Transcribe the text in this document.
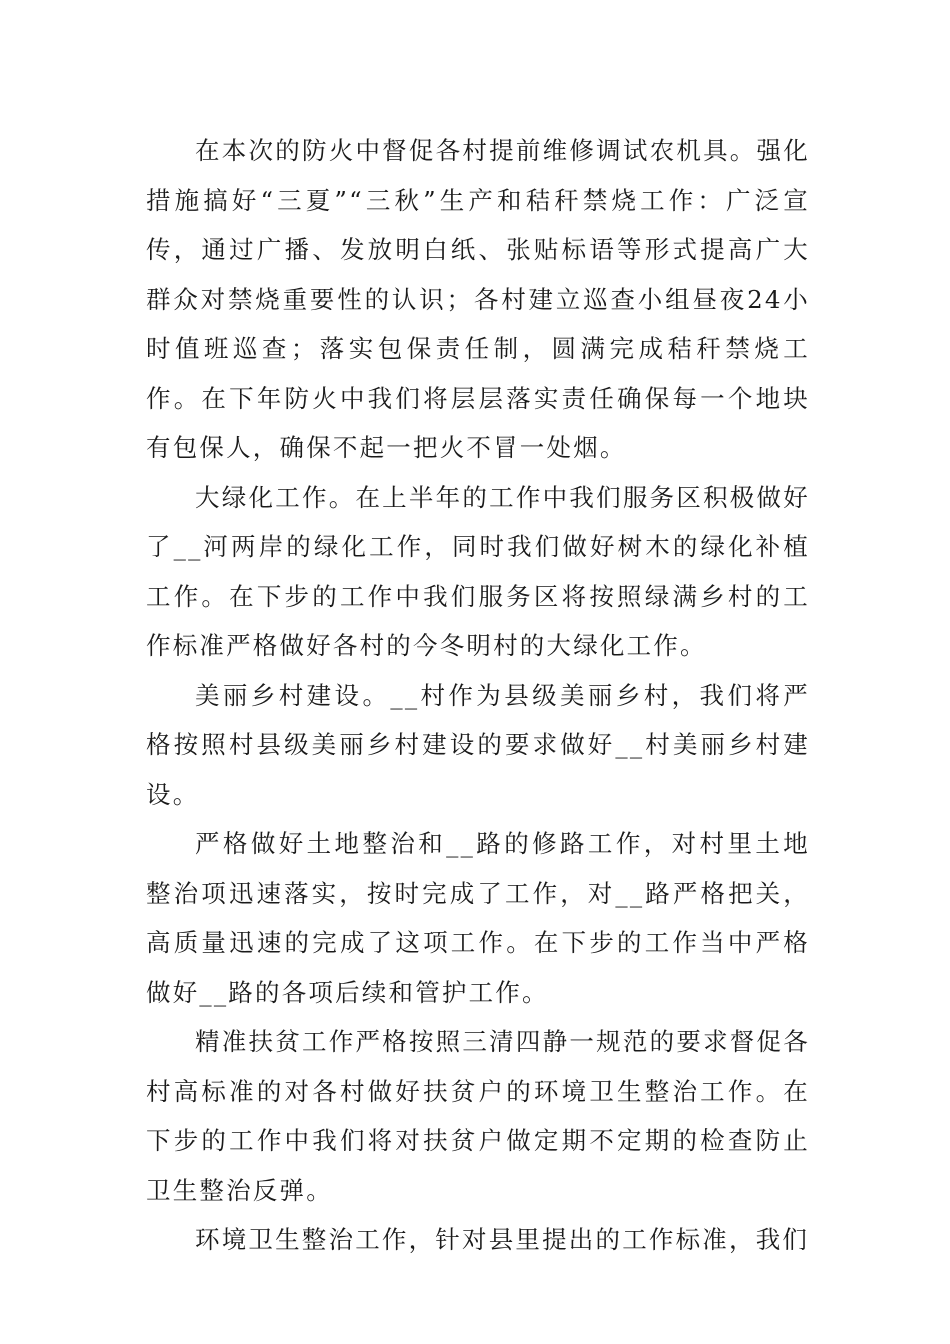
在本次的防火中督促各村提前维修调试农机具。强化措施搞好“三夏”“三秋”生产和秸秆禁烧工作：广泛宣传，通过广播、发放明白纸、张贴标语等形式提高广大群众对禁烧重要性的认识；各村建立巡查小组昼夜24小时值班巡查；落实包保责任制，圆满完成秸秆禁烧工作。在下年防火中我们将层层落实责任确保每一个地块有包保人，确保不起一把火不冒一处烟。

大绿化工作。在上半年的工作中我们服务区积极做好了__河两岸的绿化工作，同时我们做好树木的绿化补植工作。在下步的工作中我们服务区将按照绿满乡村的工作标准严格做好各村的今冬明村的大绿化工作。

美丽乡村建设。__村作为县级美丽乡村，我们将严格按照村县级美丽乡村建设的要求做好__村美丽乡村建设。

严格做好土地整治和__路的修路工作，对村里土地整治项迅速落实，按时完成了工作，对__路严格把关，高质量迅速的完成了这项工作。在下步的工作当中严格做好__路的各项后续和管护工作。

精准扶贫工作严格按照三清四静一规范的要求督促各村高标准的对各村做好扶贫户的环境卫生整治工作。在下步的工作中我们将对扶贫户做定期不定期的检查防止卫生整治反弹。

环境卫生整治工作，针对县里提出的工作标准，我们
